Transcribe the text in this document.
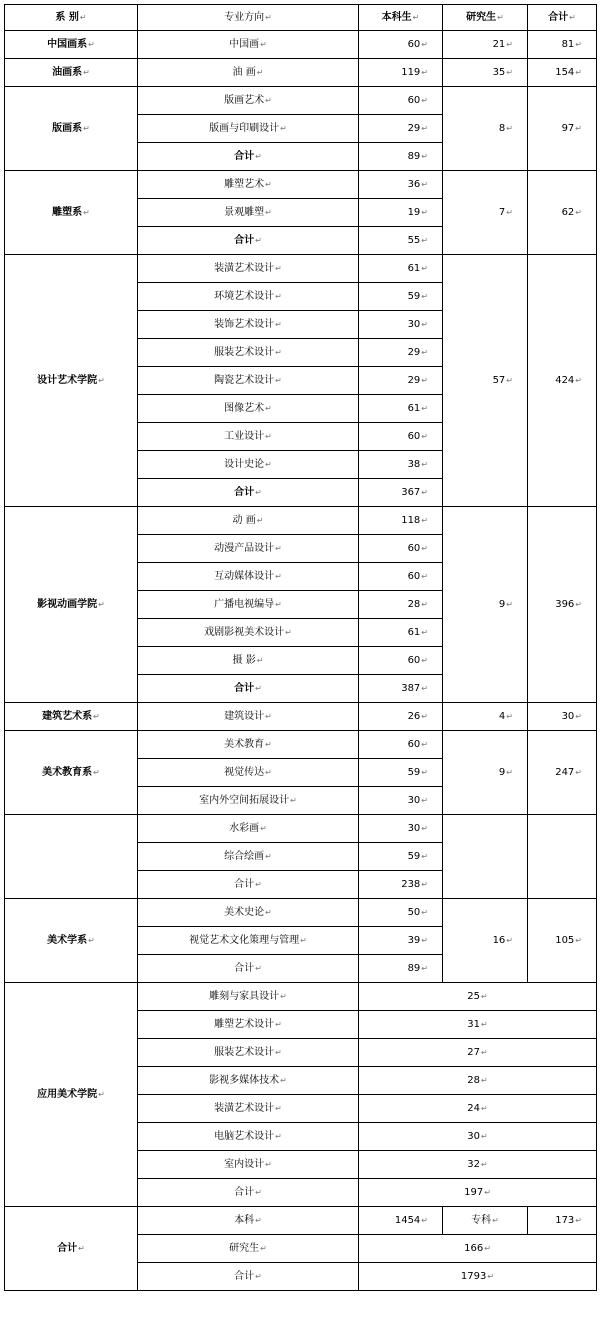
系 别↵	专业方向↵	本科生↵	研究生↵	合计↵
中国画系↵	中国画↵	60↵	21↵	81↵
油画系↵	油 画↵	119↵	35↵	154↵
版画系↵	版画艺术↵	60↵	8↵	97↵
	版画与印刷设计↵	29↵		
	合计↵	89↵		
雕塑系↵	雕塑艺术↵	36↵	7↵	62↵
	景观雕塑↵	19↵		
	合计↵	55↵		
设计艺术学院↵	装潢艺术设计↵	61↵	57↵	424↵
	环境艺术设计↵	59↵		
	装饰艺术设计↵	30↵		
	服装艺术设计↵	29↵		
	陶瓷艺术设计↵	29↵		
	图像艺术↵	61↵		
	工业设计↵	60↵		
	设计史论↵	38↵		
	合计↵	367↵		
影视动画学院↵	动 画↵	118↵	9↵	396↵
	动漫产品设计↵	60↵		
	互动媒体设计↵	60↵		
	广播电视编导↵	28↵		
	戏剧影视美术设计↵	61↵		
	摄 影↵	60↵		
	合计↵	387↵		
建筑艺术系↵	建筑设计↵	26↵	4↵	30↵
美术教育系↵	美术教育↵	60↵	9↵	247↵
	视觉传达↵	59↵		
	室内外空间拓展设计↵	30↵		
	水彩画↵	30↵		
	综合绘画↵	59↵		
	合计↵	238↵		
美术学系↵	美术史论↵	50↵	16↵	105↵
	视觉艺术文化策理与管理↵	39↵		
	合计↵	89↵		
应用美术学院↵	雕刻与家具设计↵	25↵		
	雕塑艺术设计↵	31↵		
	服装艺术设计↵	27↵		
	影视多媒体技术↵	28↵		
	装潢艺术设计↵	24↵		
	电脑艺术设计↵	30↵		
	室内设计↵	32↵		
	合计↵	197↵		
合计↵	本科↵	1454↵	专科↵	173↵
	研究生↵	166↵		
	合计↵	1793↵		
